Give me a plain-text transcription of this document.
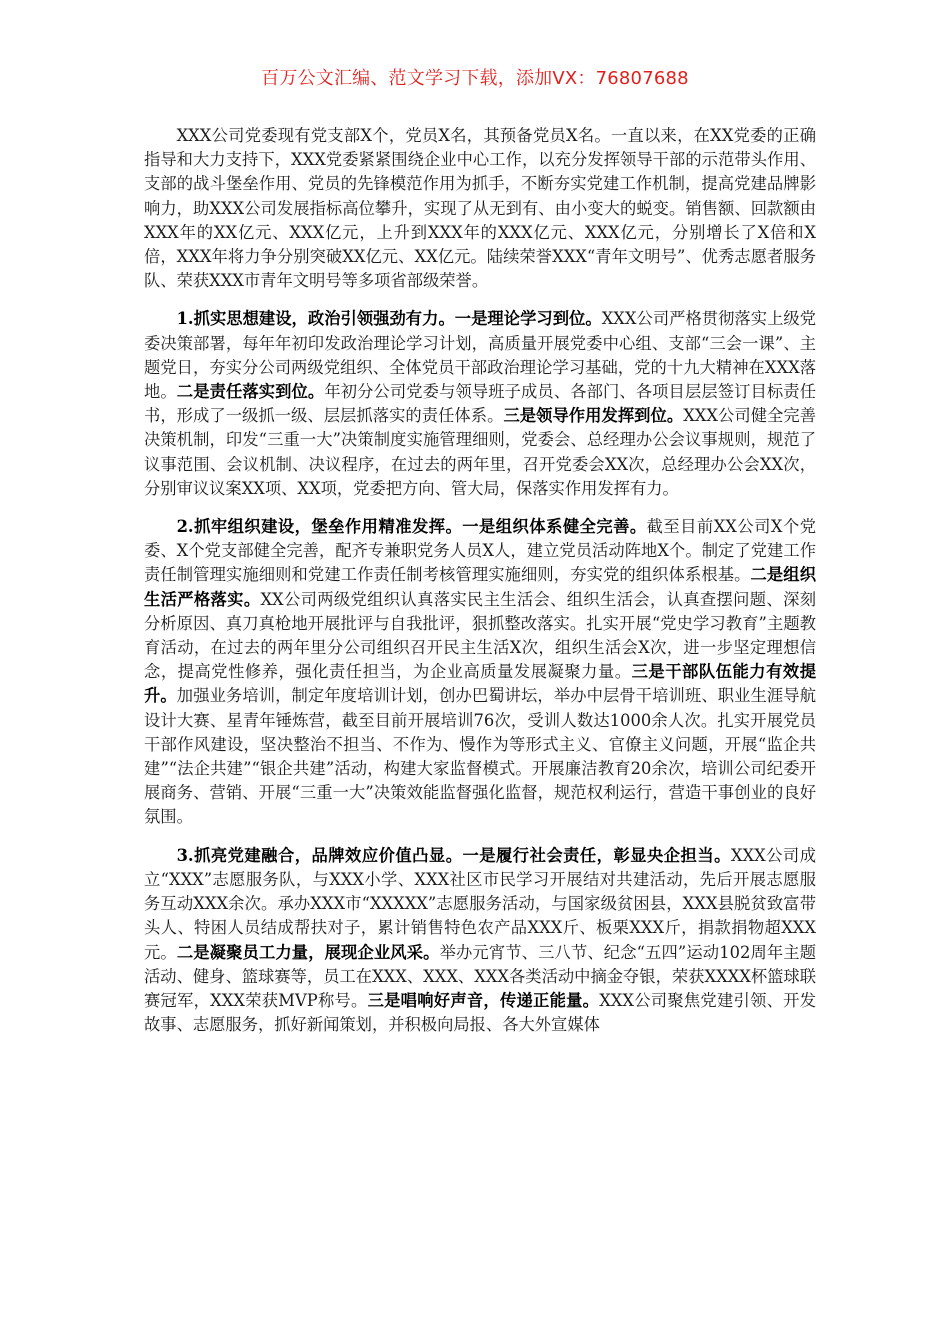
百万公文汇编、范文学习下载，添加VX：76807688

XXX公司党委现有党支部X个，党员X名，其预备党员X名。一直以来，在XX党委的正确指导和大力支持下，XXX党委紧紧围绕企业中心工作，以充分发挥领导干部的示范带头作用、支部的战斗堡垒作用、党员的先锋模范作用为抓手，不断夯实党建工作机制，提高党建品牌影响力，助XXX公司发展指标高位攀升，实现了从无到有、由小变大的蜕变。销售额、回款额由XXX年的XX亿元、XXX亿元，上升到XXX年的XXX亿元、XXX亿元，分别增长了X倍和X倍，XXX年将力争分别突破XX亿元、XX亿元。陆续荣誉XXX“青年文明号”、优秀志愿者服务队、荣获XXX市青年文明号等多项省部级荣誉。

1.抓实思想建设，政治引领强劲有力。一是理论学习到位。XXX公司严格贯彻落实上级党委决策部署，每年年初印发政治理论学习计划，高质量开展党委中心组、支部“三会一课”、主题党日，夯实分公司两级党组织、全体党员干部政治理论学习基础，党的十九大精神在XXX落地。二是责任落实到位。年初分公司党委与领导班子成员、各部门、各项目层层签订目标责任书，形成了一级抓一级、层层抓落实的责任体系。三是领导作用发挥到位。XXX公司健全完善决策机制，印发“三重一大”决策制度实施管理细则，党委会、总经理办公会议事规则，规范了议事范围、会议机制、决议程序，在过去的两年里，召开党委会XX次，总经理办公会XX次，分别审议议案XX项、XX项，党委把方向、管大局，保落实作用发挥有力。

2.抓牢组织建设，堡垒作用精准发挥。一是组织体系健全完善。截至目前XX公司X个党委、X个党支部健全完善，配齐专兼职党务人员X人，建立党员活动阵地X个。制定了党建工作责任制管理实施细则和党建工作责任制考核管理实施细则，夯实党的组织体系根基。二是组织生活严格落实。XX公司两级党组织认真落实民主生活会、组织生活会，认真查摆问题、深刻分析原因、真刀真枪地开展批评与自我批评，狠抓整改落实。扎实开展“党史学习教育”主题教育活动，在过去的两年里分公司组织召开民主生活X次，组织生活会X次，进一步坚定理想信念，提高党性修养，强化责任担当，为企业高质量发展凝聚力量。三是干部队伍能力有效提升。加强业务培训，制定年度培训计划，创办巴蜀讲坛，举办中层骨干培训班、职业生涯导航设计大赛、星青年锤炼营，截至目前开展培训76次，受训人数达1000余人次。扎实开展党员干部作风建设，坚决整治不担当、不作为、慢作为等形式主义、官僚主义问题，开展“监企共建”“法企共建”“银企共建”活动，构建大家监督模式。开展廉洁教育20余次，培训公司纪委开展商务、营销、开展“三重一大”决策效能监督强化监督，规范权利运行，营造干事创业的良好氛围。

3.抓亮党建融合，品牌效应价值凸显。一是履行社会责任，彰显央企担当。XXX公司成立“XXX”志愿服务队，与XXX小学、XXX社区市民学习开展结对共建活动，先后开展志愿服务互动XXX余次。承办XXX市“XXXXX”志愿服务活动，与国家级贫困县，XXX县脱贫致富带头人、特困人员结成帮扶对子，累计销售特色农产品XXX斤、板栗XXX斤，捐款捐物超XXX元。二是凝聚员工力量，展现企业风采。举办元宵节、三八节、纪念“五四”运动102周年主题活动、健身、篮球赛等，员工在XXX、XXX、XXX各类活动中摘金夺银，荣获XXXX杯篮球联赛冠军，XXX荣获MVP称号。三是唱响好声音，传递正能量。XXX公司聚焦党建引领、开发故事、志愿服务，抓好新闻策划，并积极向局报、各大外宣媒体
